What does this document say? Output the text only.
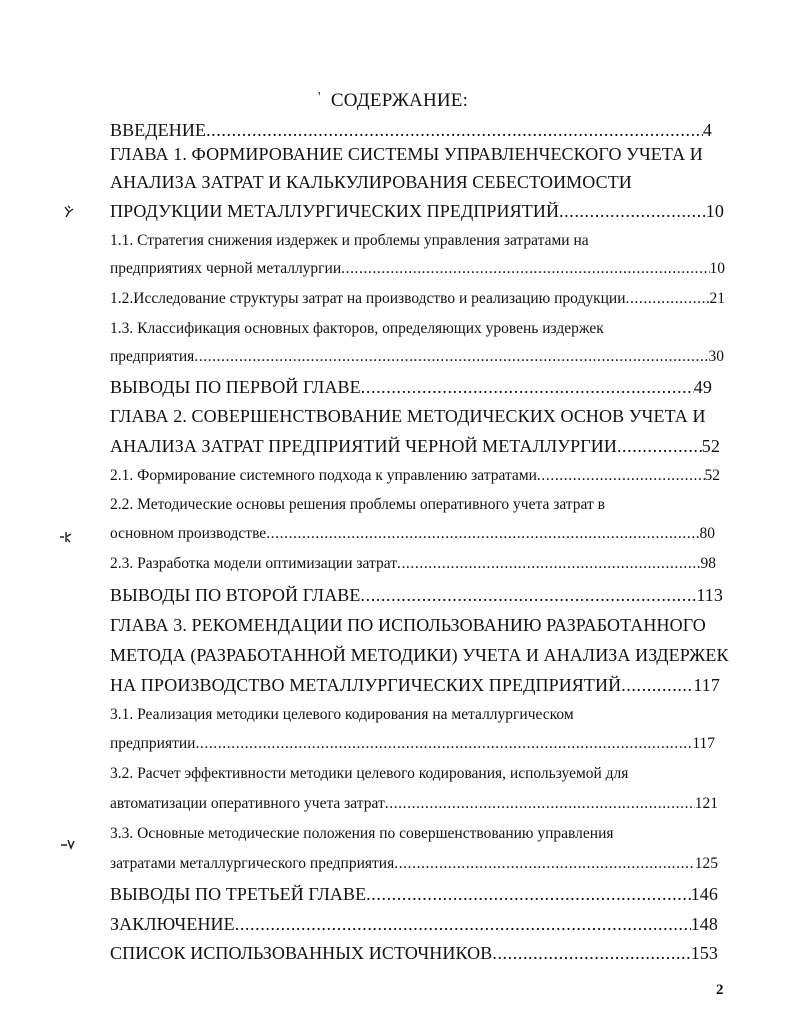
' СОДЕРЖАНИЕ:
ВВЕДЕНИЕ .....	4
ГЛАВА 1. ФОРМИРОВАНИЕ СИСТЕМЫ УПРАВЛЕНЧЕСКОГО УЧЕТА И
АНАЛИЗА ЗАТРАТ И КАЛЬКУЛИРОВАНИЯ СЕБЕСТОИМОСТИ
ПРОДУКЦИИ МЕТАЛЛУРГИЧЕСКИХ ПРЕДПРИЯТИЙ .....	10
1.1. Стратегия снижения издержек и проблемы управления затратами на
предприятиях черной металлургии .....	10
1.2.Исследование структуры затрат на производство и реализацию продукции .....	21
1.3. Классификация основных факторов, определяющих уровень издержек
предприятия .....	30
ВЫВОДЫ ПО ПЕРВОЙ ГЛАВЕ .....	49
ГЛАВА 2. СОВЕРШЕНСТВОВАНИЕ МЕТОДИЧЕСКИХ ОСНОВ УЧЕТА И
АНАЛИЗА ЗАТРАТ ПРЕДПРИЯТИЙ ЧЕРНОЙ МЕТАЛЛУРГИИ .....	52
2.1. Формирование системного подхода к управлению затратами .....	52
2.2. Методические основы решения проблемы оперативного учета затрат в
основном производстве .....	80
2.3. Разработка модели оптимизации затрат .....	98
ВЫВОДЫ ПО ВТОРОЙ ГЛАВЕ .....	113
ГЛАВА 3. РЕКОМЕНДАЦИИ ПО ИСПОЛЬЗОВАНИЮ РАЗРАБОТАННОГО
МЕТОДА (РАЗРАБОТАННОЙ МЕТОДИКИ) УЧЕТА И АНАЛИЗА ИЗДЕРЖЕК
НА ПРОИЗВОДСТВО МЕТАЛЛУРГИЧЕСКИХ ПРЕДПРИЯТИЙ .....	117
3.1. Реализация методики целевого кодирования на металлургическом
предприятии .....	117
3.2. Расчет эффективности методики целевого кодирования, используемой для
автоматизации оперативного учета затрат .....	121
3.3. Основные методические положения по совершенствованию управления
затратами металлургического предприятия .....	125
ВЫВОДЫ ПО ТРЕТЬЕЙ ГЛАВЕ .....	146
ЗАКЛЮЧЕНИЕ .....	148
СПИСОК ИСПОЛЬЗОВАННЫХ ИСТОЧНИКОВ .....	153
2
